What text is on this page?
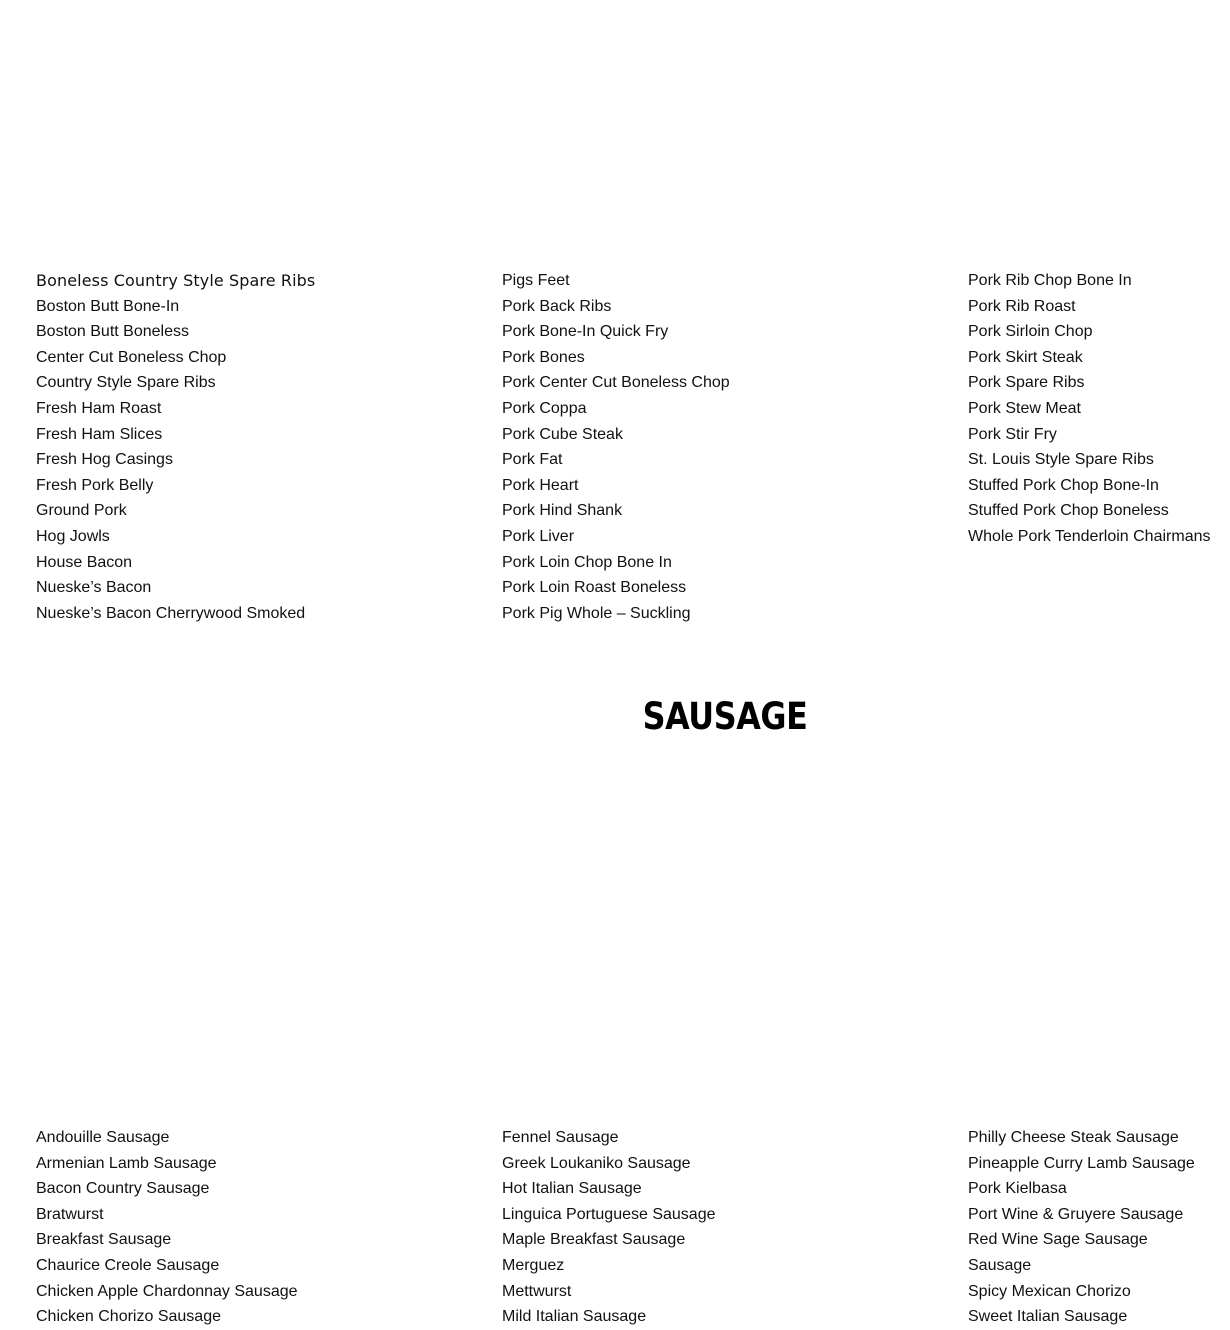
Boneless Country Style Spare Ribs
Boston Butt Bone-In
Boston Butt Boneless
Center Cut Boneless Chop
Country Style Spare Ribs
Fresh Ham Roast
Fresh Ham Slices
Fresh Hog Casings
Fresh Pork Belly
Ground Pork
Hog Jowls
House Bacon
Nueske’s Bacon
Nueske’s Bacon Cherrywood Smoked
Pigs Feet
Pork Back Ribs
Pork Bone-In Quick Fry
Pork Bones
Pork Center Cut Boneless Chop
Pork Coppa
Pork Cube Steak
Pork Fat
Pork Heart
Pork Hind Shank
Pork Liver
Pork Loin Chop Bone In
Pork Loin Roast Boneless
Pork Pig Whole – Suckling
Pork Rib Chop Bone In
Pork Rib Roast
Pork Sirloin Chop
Pork Skirt Steak
Pork Spare Ribs
Pork Stew Meat
Pork Stir Fry
St. Louis Style Spare Ribs
Stuffed Pork Chop Bone-In
Stuffed Pork Chop Boneless
Whole Pork Tenderloin Chairmans
SAUSAGE
Andouille Sausage
Armenian Lamb Sausage
Bacon Country Sausage
Bratwurst
Breakfast Sausage
Chaurice Creole Sausage
Chicken Apple Chardonnay Sausage
Chicken Chorizo Sausage
Fennel Sausage
Greek Loukaniko Sausage
Hot Italian Sausage
Linguica Portuguese Sausage
Maple Breakfast Sausage
Merguez
Mettwurst
Mild Italian Sausage
Philly Cheese Steak Sausage
Pineapple Curry Lamb Sausage
Pork Kielbasa
Port Wine & Gruyere Sausage
Red Wine Sage Sausage
Sausage
Spicy Mexican Chorizo
Sweet Italian Sausage
